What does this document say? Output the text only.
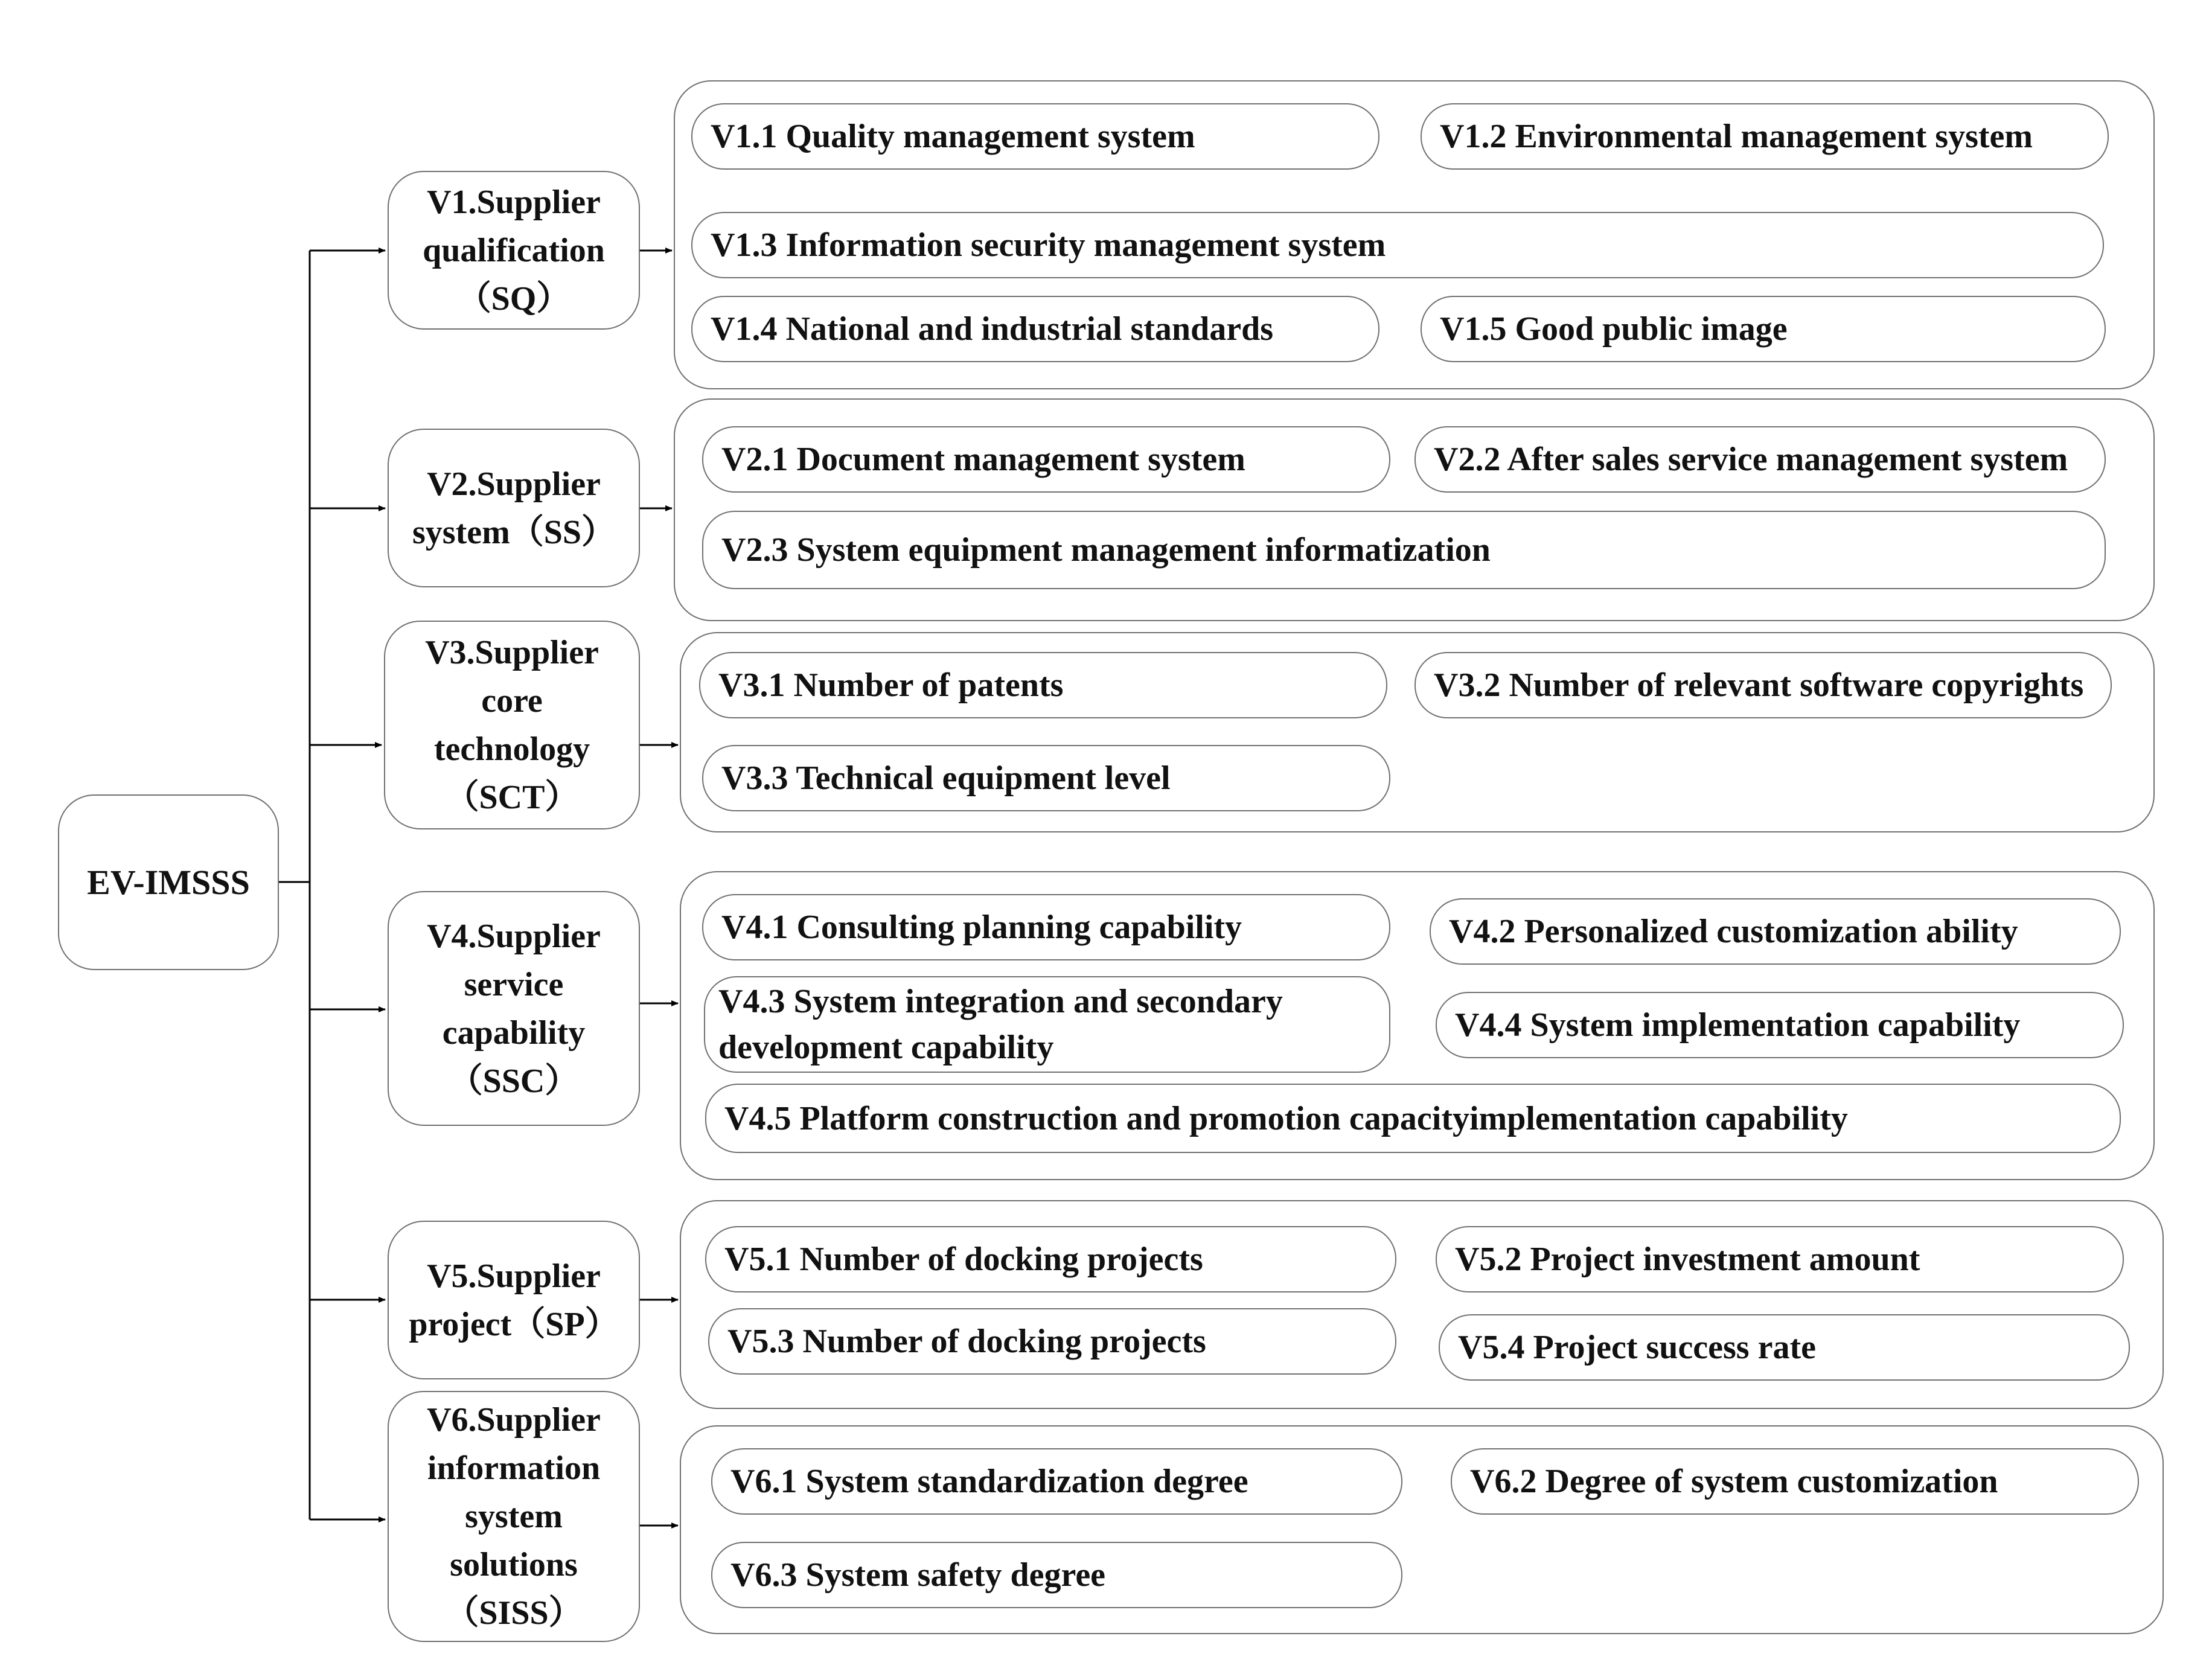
EV-IMSSS
V1.Supplier
qualification
（SQ）
V2.Supplier
system（SS）
V3.Supplier
core
technology
（SCT）
V4.Supplier
service
capability
（SSC）
V5.Supplier
project（SP）
V6.Supplier
information
system
solutions
（SISS）
V1.1 Quality management system	V1.2 Environmental management system
V1.3 Information security management system
V1.4 National and industrial standards	V1.5 Good public image
V2.1 Document management system	V2.2 After sales service management system
V2.3 System equipment management informatization
V3.1 Number of patents	V3.2 Number of relevant software copyrights
V3.3 Technical equipment level
V4.1 Consulting planning capability	V4.2 Personalized customization ability
V4.3 System integration and secondary development capability
V4.4 System implementation capability
V4.5 Platform construction and promotion capacityimplementation capability
V5.1 Number of docking projects	V5.2 Project investment amount
V5.3 Number of docking projects	V5.4 Project success rate
V6.1 System standardization degree	V6.2 Degree of system customization
V6.3 System safety degree
